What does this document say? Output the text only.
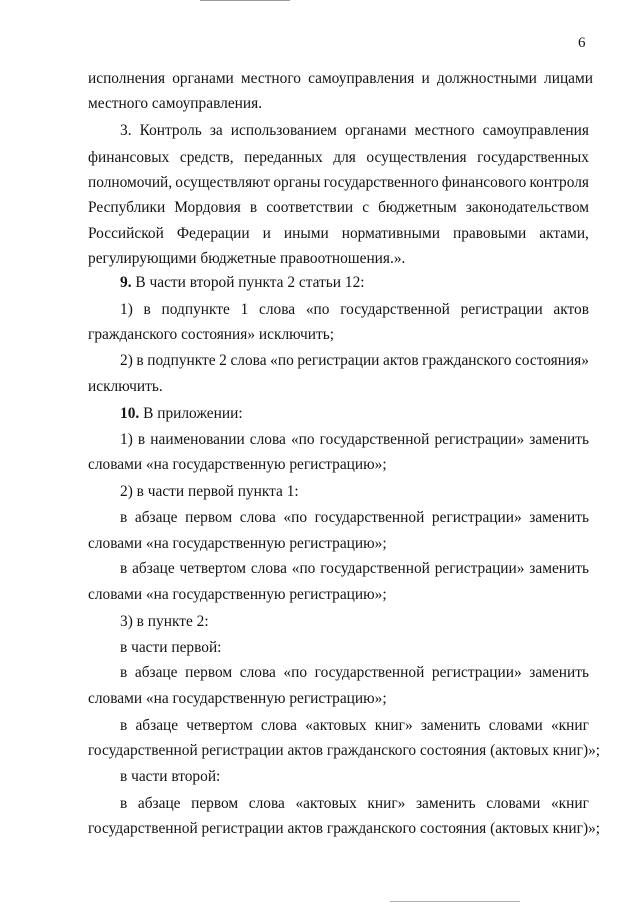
6
исполнения органами местного самоуправления и должностными лицами
местного самоуправления.
3. Контроль за использованием органами местного самоуправления
финансовых средств, переданных для осуществления государственных
полномочий, осуществляют органы государственного финансового контроля
Республики Мордовия в соответствии с бюджетным законодательством
Российской Федерации и иными нормативными правовыми актами,
регулирующими бюджетные правоотношения.».
9. В части второй пункта 2 статьи 12:
1) в подпункте 1 слова «по государственной регистрации актов
гражданского состояния» исключить;
2) в подпункте 2 слова «по регистрации актов гражданского состояния»
исключить.
10. В приложении:
1) в наименовании слова «по государственной регистрации» заменить
словами «на государственную регистрацию»;
2) в части первой пункта 1:
в абзаце первом слова «по государственной регистрации» заменить
словами «на государственную регистрацию»;
в абзаце четвертом слова «по государственной регистрации» заменить
словами «на государственную регистрацию»;
3) в пункте 2:
в части первой:
в абзаце первом слова «по государственной регистрации» заменить
словами «на государственную регистрацию»;
в абзаце четвертом слова «актовых книг» заменить словами «книг
государственной регистрации актов гражданского состояния (актовых книг)»;
в части второй:
в абзаце первом слова «актовых книг» заменить словами «книг
государственной регистрации актов гражданского состояния (актовых книг)»;
